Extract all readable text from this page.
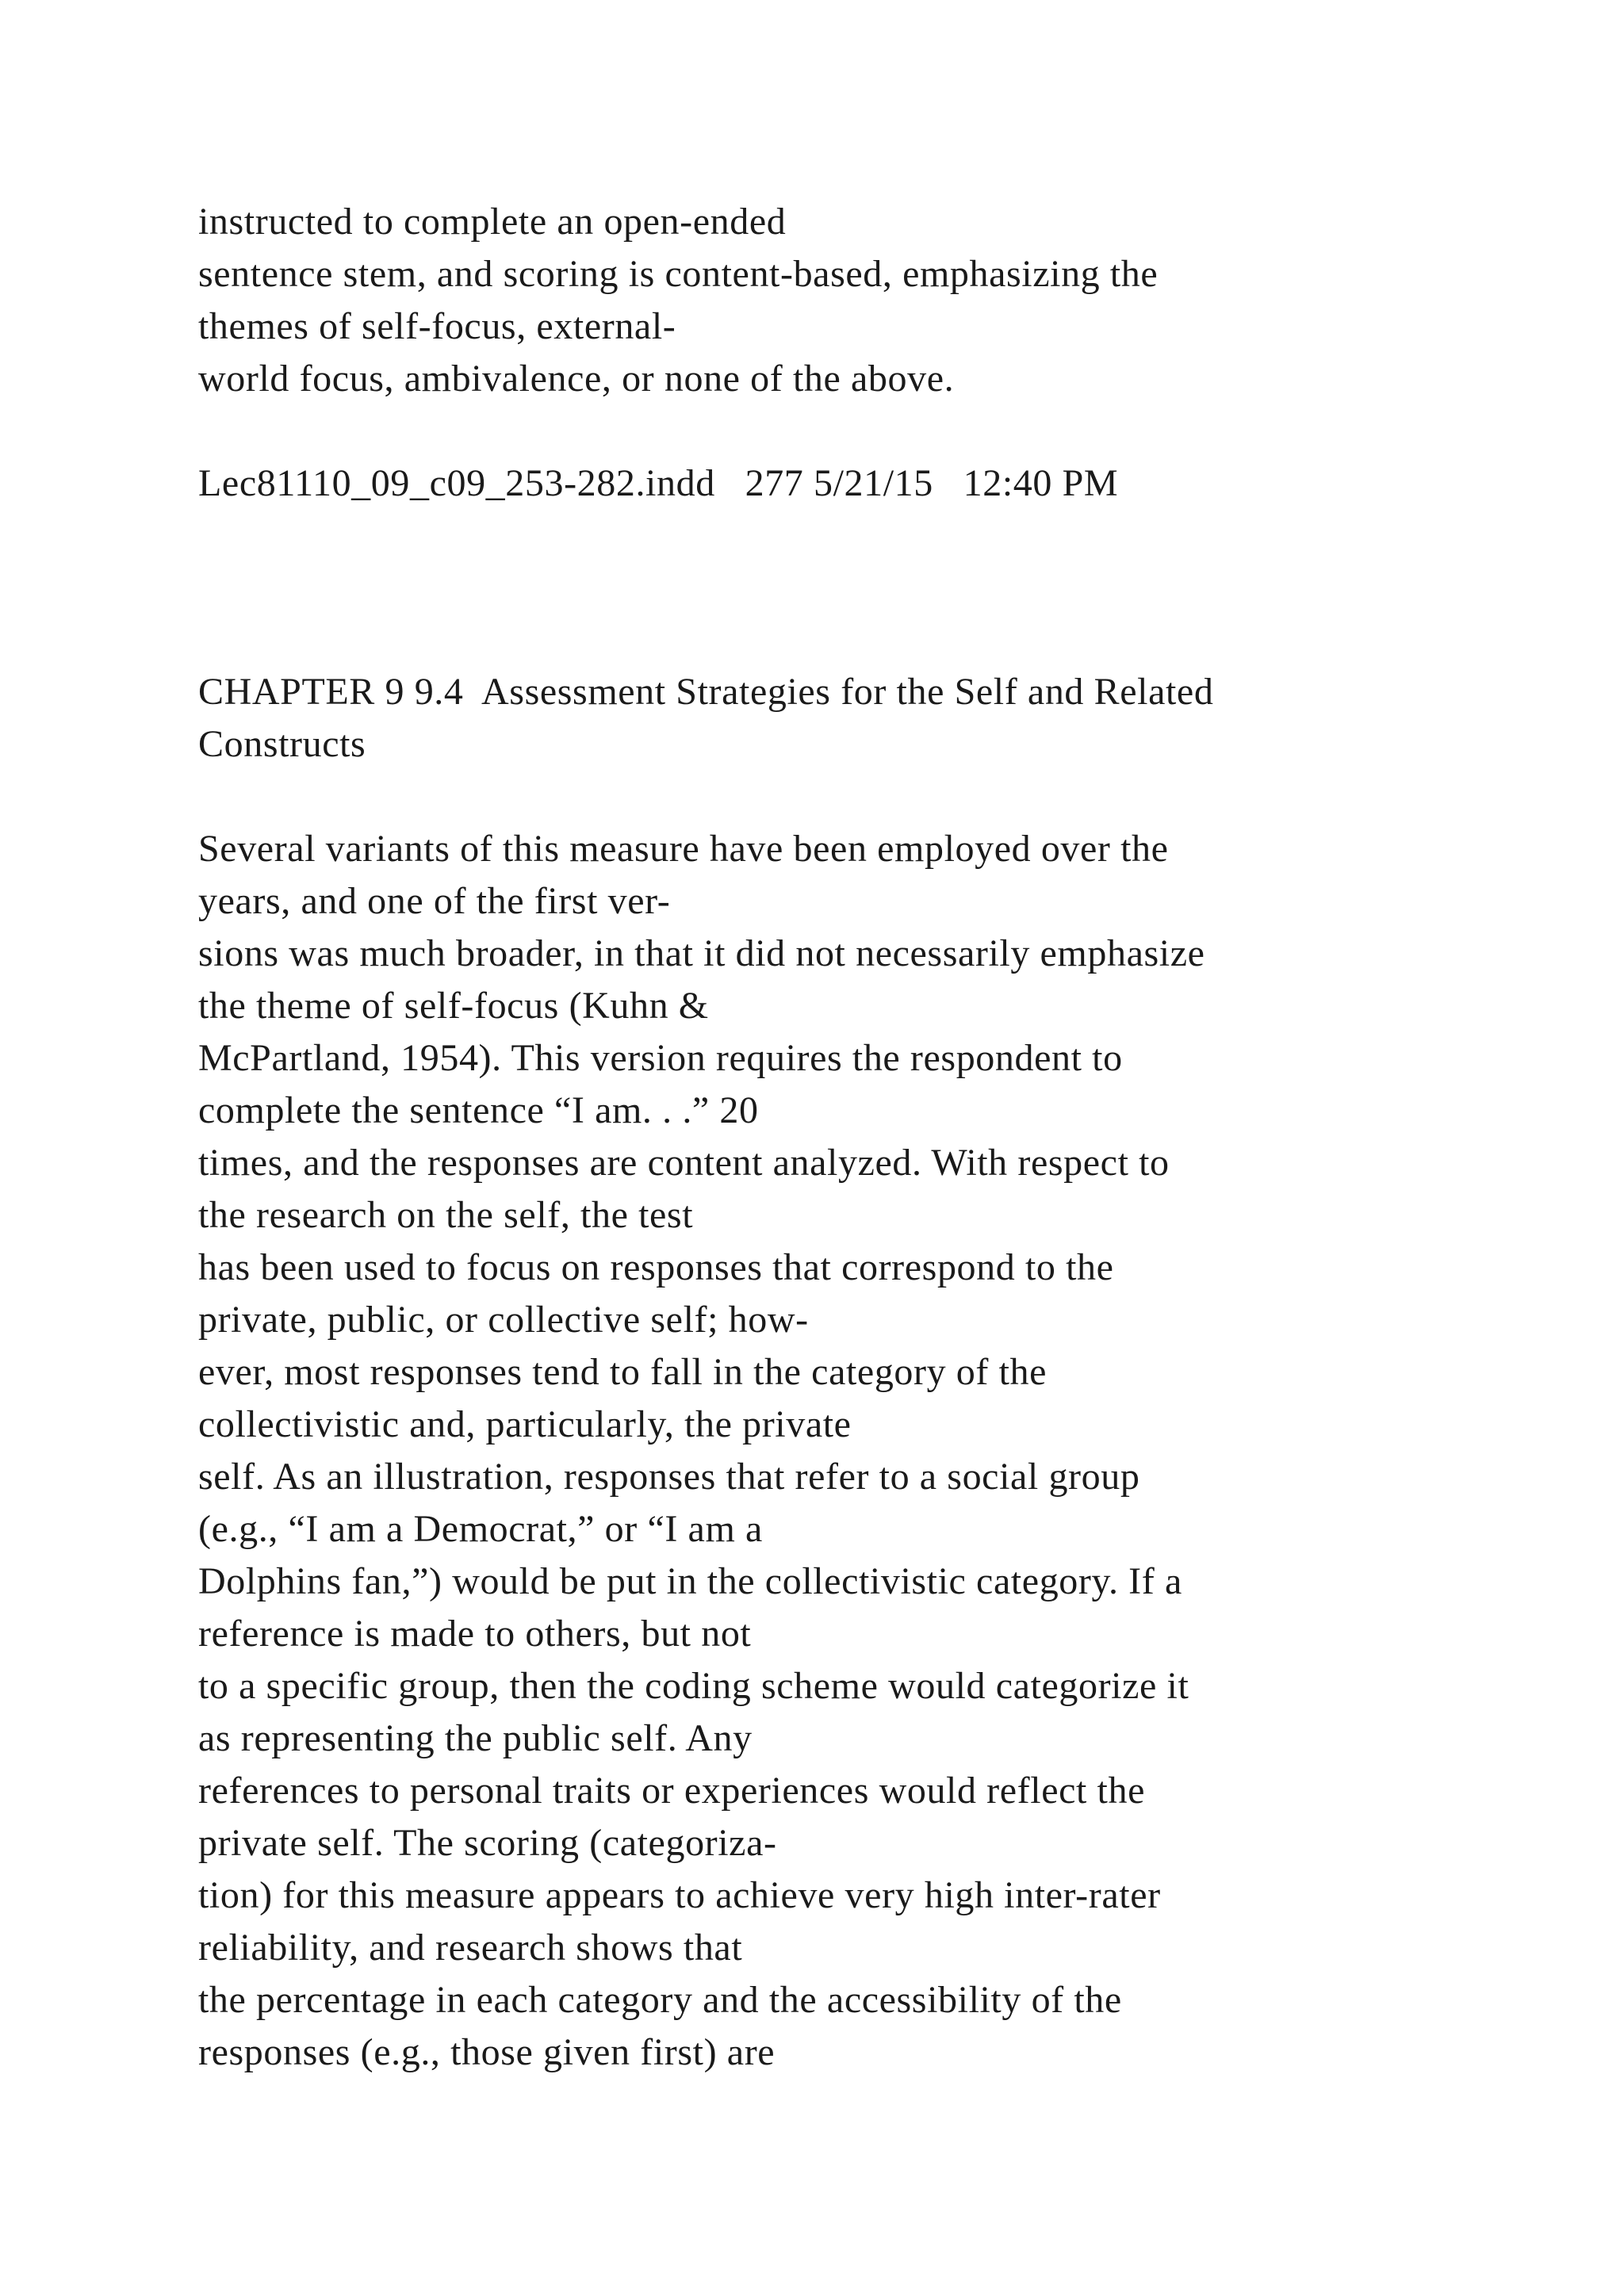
instructed to complete an open-ended

sentence stem, and scoring is content-based, emphasizing the

themes of self-focus, external-

world focus, ambivalence, or none of the above.

Lec81110_09_c09_253-282.indd   277 5/21/15   12:40 PM

CHAPTER 9 9.4  Assessment Strategies for the Self and Related

Constructs

Several variants of this measure have been employed over the

years, and one of the first ver-

sions was much broader, in that it did not necessarily emphasize

the theme of self-focus (Kuhn &

McPartland, 1954). This version requires the respondent to

complete the sentence “I am. . .” 20

times, and the responses are content analyzed. With respect to

the research on the self, the test

has been used to focus on responses that correspond to the

private, public, or collective self; how-

ever, most responses tend to fall in the category of the

collectivistic and, particularly, the private

self. As an illustration, responses that refer to a social group

(e.g., “I am a Democrat,” or “I am a

Dolphins fan,”) would be put in the collectivistic category. If a

reference is made to others, but not

to a specific group, then the coding scheme would categorize it

as representing the public self. Any

references to personal traits or experiences would reflect the

private self. The scoring (categoriza-

tion) for this measure appears to achieve very high inter-rater

reliability, and research shows that

the percentage in each category and the accessibility of the

responses (e.g., those given first) are
